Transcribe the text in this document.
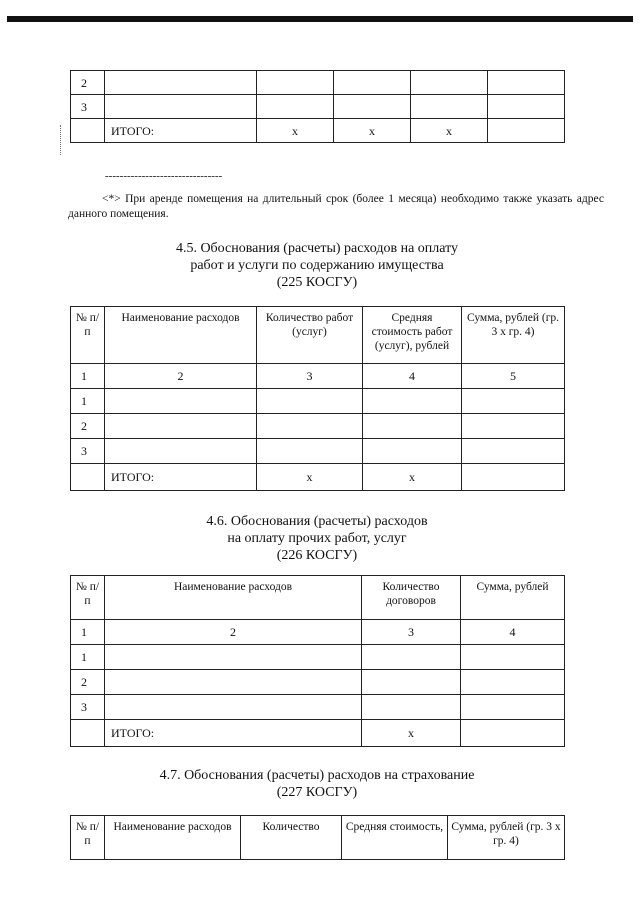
2					
3					
	ИТОГО:	x	x	x	
--------------------------------
<*> При аренде помещения на длительный срок (более 1 месяца) необходимо также указать адрес данного помещения.
4.5. Обоснования (расчеты) расходов на оплату
работ и услуги по содержанию имущества
(225 КОСГУ)
№ п/п	Наименование расходов	Количество работ (услуг)	Средняя стоимость работ (услуг), рублей	Сумма, рублей (гр. 3 x гр. 4)
1	2	3	4	5
1				
2				
3				
	ИТОГО:	x	x	
4.6. Обоснования (расчеты) расходов
на оплату прочих работ, услуг
(226 КОСГУ)
№ п/п	Наименование расходов	Количество договоров	Сумма, рублей
1	2	3	4
1			
2			
3			
	ИТОГО:	x	
4.7. Обоснования (расчеты) расходов на страхование
(227 КОСГУ)
№ п/п	Наименование расходов	Количество	Средняя стоимость,	Сумма, рублей (гр. 3 x гр. 4)
